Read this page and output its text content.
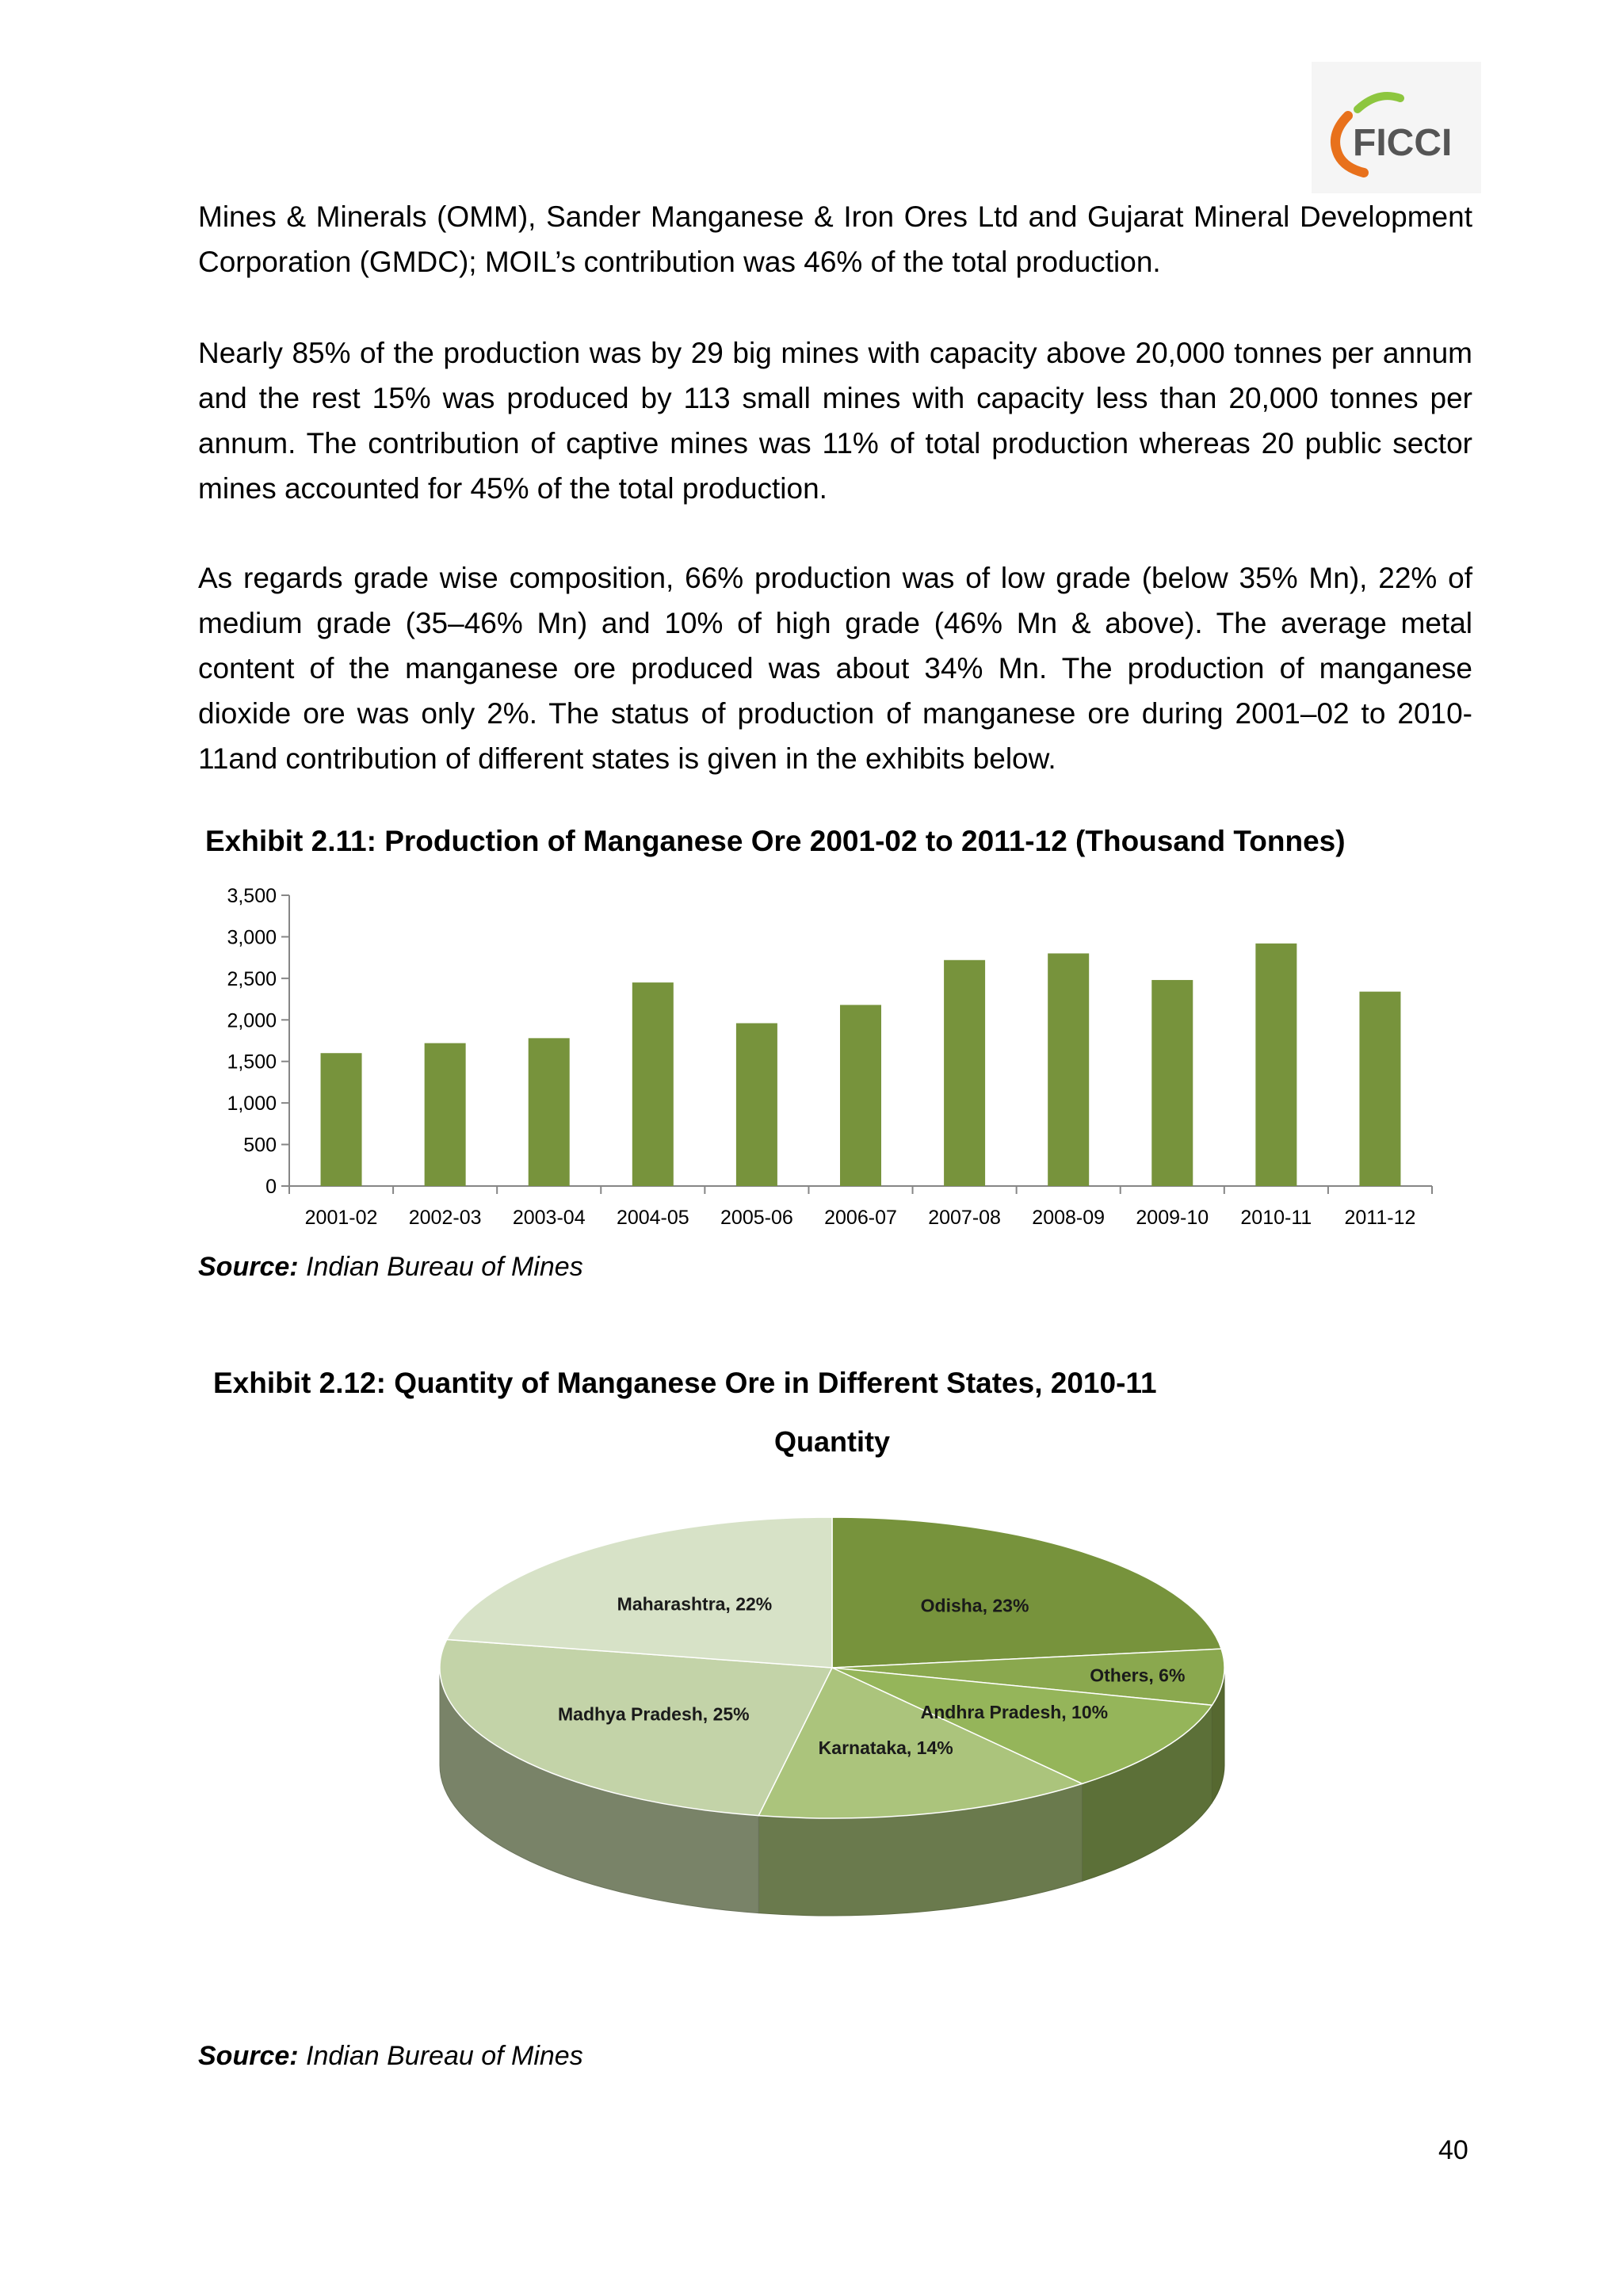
FICCI

Mines & Minerals (OMM), Sander Manganese & Iron Ores Ltd and Gujarat Mineral Development Corporation (GMDC); MOIL’s contribution was 46% of the total production.

Nearly 85% of the production was by 29 big mines with capacity above 20,000 tonnes per annum and the rest 15% was produced by 113 small mines with capacity less than 20,000 tonnes per annum. The contribution of captive mines was 11% of total production whereas 20 public sector mines accounted for 45% of the total production.

As regards grade wise composition, 66% production was of low grade (below 35% Mn), 22% of medium grade (35–46% Mn) and 10% of high grade (46% Mn & above). The average metal content of the manganese ore produced was about 34% Mn. The production of manganese dioxide ore was only 2%. The status of production of manganese ore during 2001–02 to 2010-11and contribution of different states is given in the exhibits below.

Exhibit 2.11: Production of Manganese Ore 2001-02 to 2011-12 (Thousand Tonnes)
0
500
1,000
1,500
2,000
2,500
3,000
3,500
2001-02 2002-03 2003-04 2004-05 2005-06 2006-07 2007-08 2008-09 2009-10 2010-11 2011-12
Source: Indian Bureau of Mines
Exhibit 2.12: Quantity of Manganese Ore in Different States, 2010-11
Quantity
Odisha, 23%
Others, 6%
Andhra Pradesh, 10%
Karnataka, 14%
Madhya Pradesh, 25%
Maharashtra, 22%
Source: Indian Bureau of Mines
40
